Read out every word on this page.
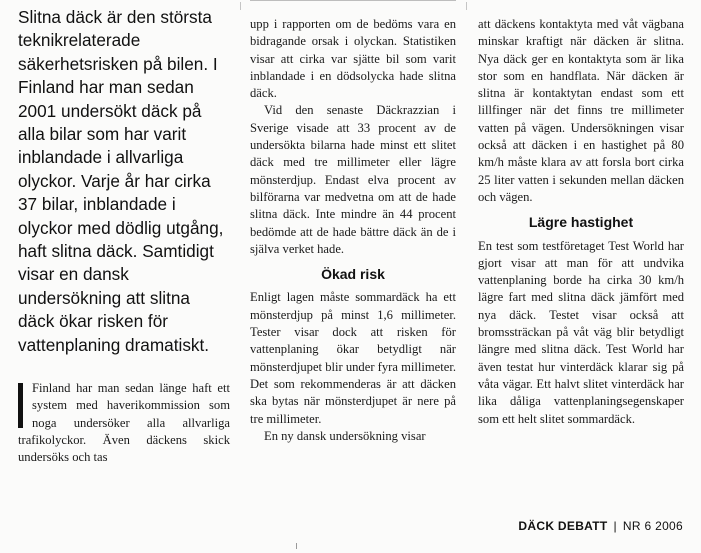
Slitna däck är den största teknikrelaterade säkerhetsrisken på bilen. I Finland har man sedan 2001 undersökt däck på alla bilar som har varit inblandade i allvarliga olyckor. Varje år har cirka 37 bilar, inblandade i olyckor med dödlig utgång, haft slitna däck. Samtidigt visar en dansk undersökning att slitna däck ökar risken för vattenplaning dramatiskt.

Finland har man sedan länge haft ett system med haverikommission som noga undersöker alla allvarliga trafikolyckor. Även däckens skick undersöks och tas

upp i rapporten om de bedöms vara en bidragande orsak i olyckan. Statistiken visar att cirka var sjätte bil som varit inblandade i en dödsolycka hade slitna däck.

Vid den senaste Däckrazzian i Sverige visade att 33 procent av de undersökta bilarna hade minst ett slitet däck med tre millimeter eller lägre mönsterdjup. Endast elva procent av bilförarna var medvetna om att de hade slitna däck. Inte mindre än 44 procent bedömde att de hade bättre däck än de i själva verket hade.

Ökad risk

Enligt lagen måste sommardäck ha ett mönsterdjup på minst 1,6 millimeter. Tester visar dock att risken för vattenplaning ökar betydligt när mönsterdjupet blir under fyra millimeter. Det som rekommenderas är att däcken ska bytas när mönsterdjupet är nere på tre millimeter.

En ny dansk undersökning visar

att däckens kontaktyta med våt vägbana minskar kraftigt när däcken är slitna. Nya däck ger en kontaktyta som är lika stor som en handflata. När däcken är slitna är kontaktytan endast som ett lillfinger när det finns tre millimeter vatten på vägen. Undersökningen visar också att däcken i en hastighet på 80 km/h måste klara av att forsla bort cirka 25 liter vatten i sekunden mellan däcken och vägen.

Lägre hastighet

En test som testföretaget Test World har gjort visar att man för att undvika vattenplaning borde ha cirka 30 km/h lägre fart med slitna däck jämfört med nya däck. Testet visar också att bromssträckan på våt väg blir betydligt längre med slitna däck. Test World har även testat hur vinterdäck klarar sig på våta vägar. Ett halvt slitet vinterdäck har lika dåliga vattenplaningsegenskaper som ett helt slitet sommardäck.

DÄCK DEBATT | NR 6 2006
